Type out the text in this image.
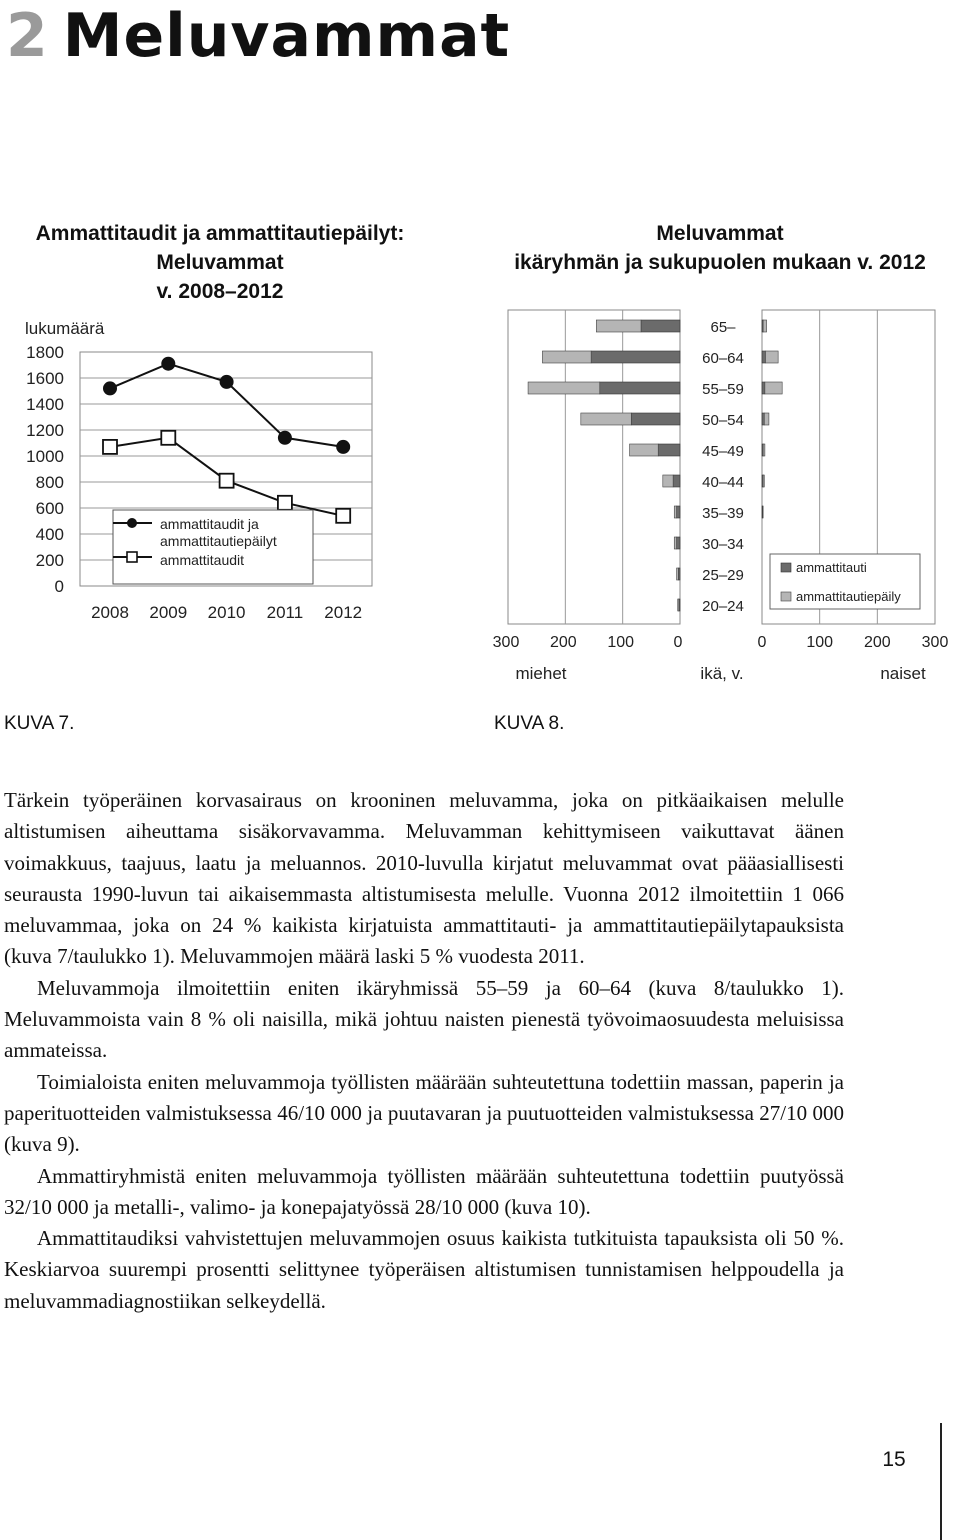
2 Meluvammat
Ammattitaudit ja ammattitautiepäilyt:
Meluvammat
v. 2008–2012
Meluvammat
ikäryhmän ja sukupuolen mukaan v. 2012
1800
1600
1400
1200
1000
800
600
400
200
0
lukumäärä
2008 2009 2010 2011 2012
ammattitaudit ja
ammattitautiepäilyt
ammattitaudit
65–
60–64
55–59
50–54
45–49
40–44
35–39
30–34
25–29
20–24
300 200 100 0	0 100 200 300
miehet	ikä, v.	naiset
ammattitauti
ammattitautiepäily
KUVA 7.	KUVA 8.

Tärkein työperäinen korvasairaus on krooninen meluvamma, joka on pitkäaikaisen melulle altistumisen aiheuttama sisäkorvavamma. Meluvamman kehittymiseen vaikuttavat äänen voimakkuus, taajuus, laatu ja meluannos. 2010-luvulla kirjatut meluvammat ovat pääasiallisesti seurausta 1990-luvun tai aikaisemmasta altistumisesta melulle. Vuonna 2012 ilmoitettiin 1 066 meluvammaa, joka on 24 % kaikista kirjatuista ammattitauti- ja ammattitautiepäilytapauksista (kuva 7/taulukko 1). Meluvammojen määrä laski 5 % vuodesta 2011.

Meluvammoja ilmoitettiin eniten ikäryhmissä 55–59 ja 60–64 (kuva 8/taulukko 1). Meluvammoista vain 8 % oli naisilla, mikä johtuu naisten pienestä työvoimaosuudesta meluisissa ammateissa.

Toimialoista eniten meluvammoja työllisten määrään suhteutettuna todettiin massan, paperin ja paperituotteiden valmistuksessa 46/10 000 ja puutavaran ja puutuotteiden valmistuksessa 27/10 000 (kuva 9).

Ammattiryhmistä eniten meluvammoja työllisten määrään suhteutettuna todettiin puutyössä 32/10 000 ja metalli-, valimo- ja konepajatyössä 28/10 000 (kuva 10).

Ammattitaudiksi vahvistettujen meluvammojen osuus kaikista tutkituista tapauksista oli 50 %. Keskiarvoa suurempi prosentti selittynee työperäisen altistumisen tunnistamisen helppoudella ja meluvammadiagnostiikan selkeydellä.

15
